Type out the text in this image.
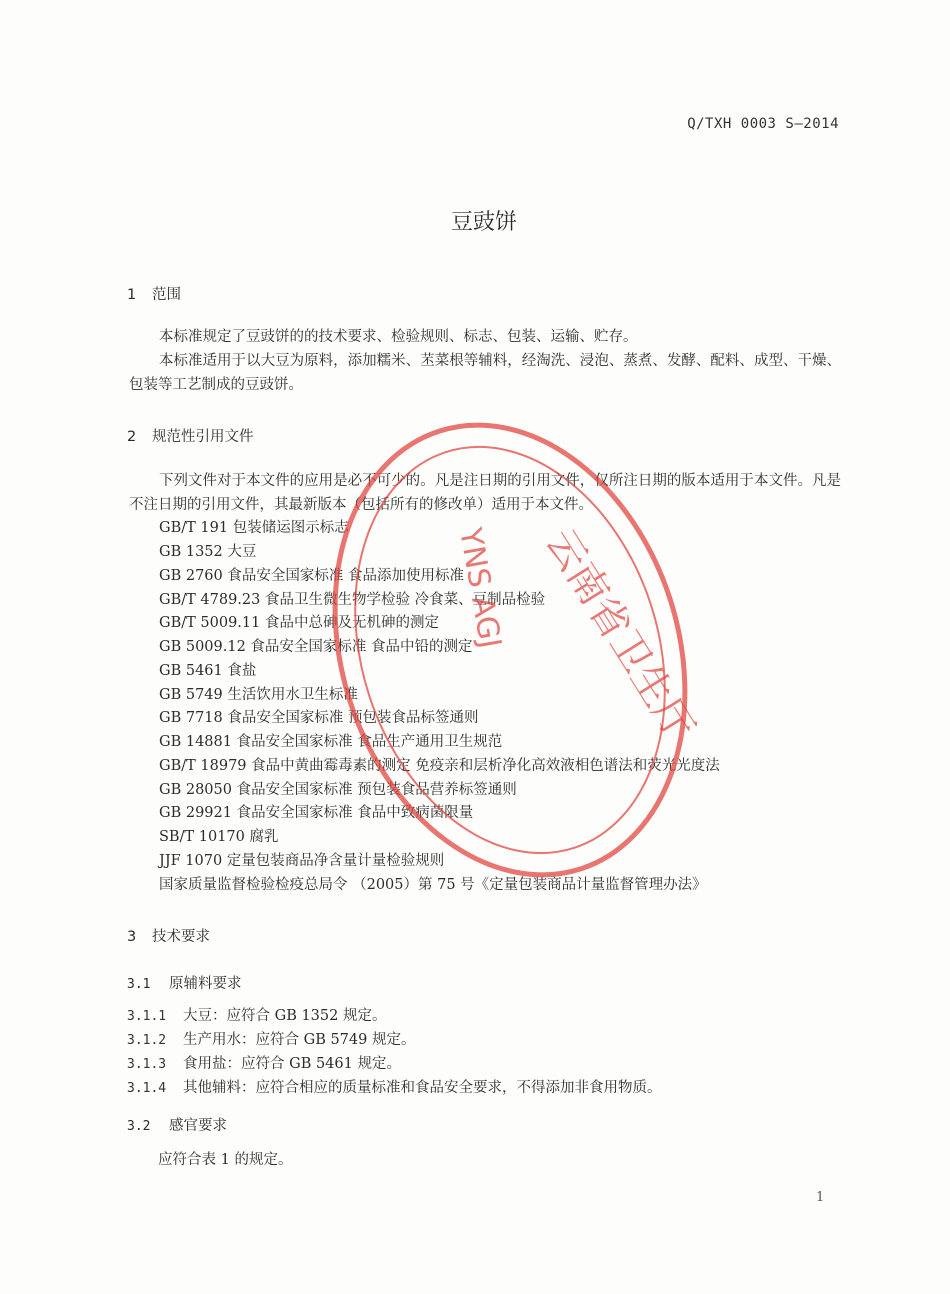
Q/TXH 0003 S—2014
豆豉饼
1 范围
本标准规定了豆豉饼的的技术要求、检验规则、标志、包装、运输、贮存。
本标准适用于以大豆为原料，添加糯米、苤菜根等辅料，经淘洗、浸泡、蒸煮、发酵、配料、成型、干燥、包装等工艺制成的豆豉饼。
2 规范性引用文件
下列文件对于本文件的应用是必不可少的。凡是注日期的引用文件，仅所注日期的版本适用于本文件。凡是不注日期的引用文件，其最新版本（包括所有的修改单）适用于本文件。
GB/T 191 包装储运图示标志
GB 1352 大豆
GB 2760 食品安全国家标准 食品添加使用标准
GB/T 4789.23 食品卫生微生物学检验 冷食菜、豆制品检验
GB/T 5009.11 食品中总砷及无机砷的测定
GB 5009.12 食品安全国家标准 食品中铅的测定
GB 5461 食盐
GB 5749 生活饮用水卫生标准
GB 7718 食品安全国家标准 预包装食品标签通则
GB 14881 食品安全国家标准 食品生产通用卫生规范
GB/T 18979 食品中黄曲霉毒素的测定 免疫亲和层析净化高效液相色谱法和荧光光度法
GB 28050 食品安全国家标准 预包装食品营养标签通则
GB 29921 食品安全国家标准 食品中致病菌限量
SB/T 10170 腐乳
JJF 1070 定量包装商品净含量计量检验规则
国家质量监督检验检疫总局令 （2005）第 75 号《定量包装商品计量监督管理办法》
3 技术要求
3.1 原辅料要求
3.1.1 大豆：应符合 GB 1352 规定。
3.1.2 生产用水：应符合 GB 5749 规定。
3.1.3 食用盐：应符合 GB 5461 规定。
3.1.4 其他辅料：应符合相应的质量标准和食品安全要求，不得添加非食用物质。
3.2 感官要求
应符合表 1 的规定。
1
云南省卫生厅
YNS AGJ
